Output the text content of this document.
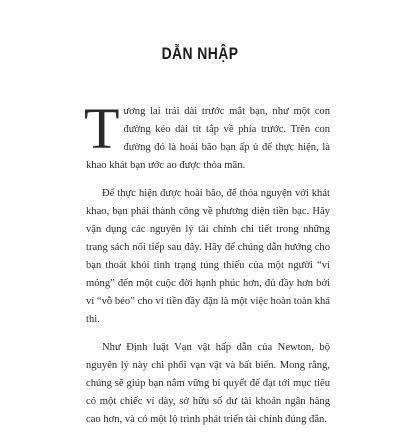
DẪN NHẬP

Tương lai trải dài trước mắt bạn, như một con đường kéo dài tít tắp về phía trước. Trên con đường đó là hoài bão bạn ấp ủ để thực hiện, là khao khát bạn ước ao được thỏa mãn.

Để thực hiện được hoài bão, để thỏa nguyện với khát khao, bạn phải thành công về phương diện tiền bạc. Hãy vận dụng các nguyên lý tài chính chi tiết trong những trang sách nối tiếp sau đây. Hãy để chúng dẫn hướng cho bạn thoát khỏi tình trạng túng thiếu của một người “ví mỏng” đến một cuộc đời hạnh phúc hơn, đủ đầy hơn bởi ví “vỗ béo” cho ví tiền đầy đặn là một việc hoàn toàn khả thi.

Như Định luật Vạn vật hấp dẫn của Newton, bộ nguyên lý này chi phối vạn vật và bất biến. Mong rằng, chúng sẽ giúp bạn nắm vững bí quyết để đạt tới mục tiêu có một chiếc ví dày, sở hữu số dư tài khoản ngân hàng cao hơn, và có một lộ trình phát triển tài chính đúng đắn.
